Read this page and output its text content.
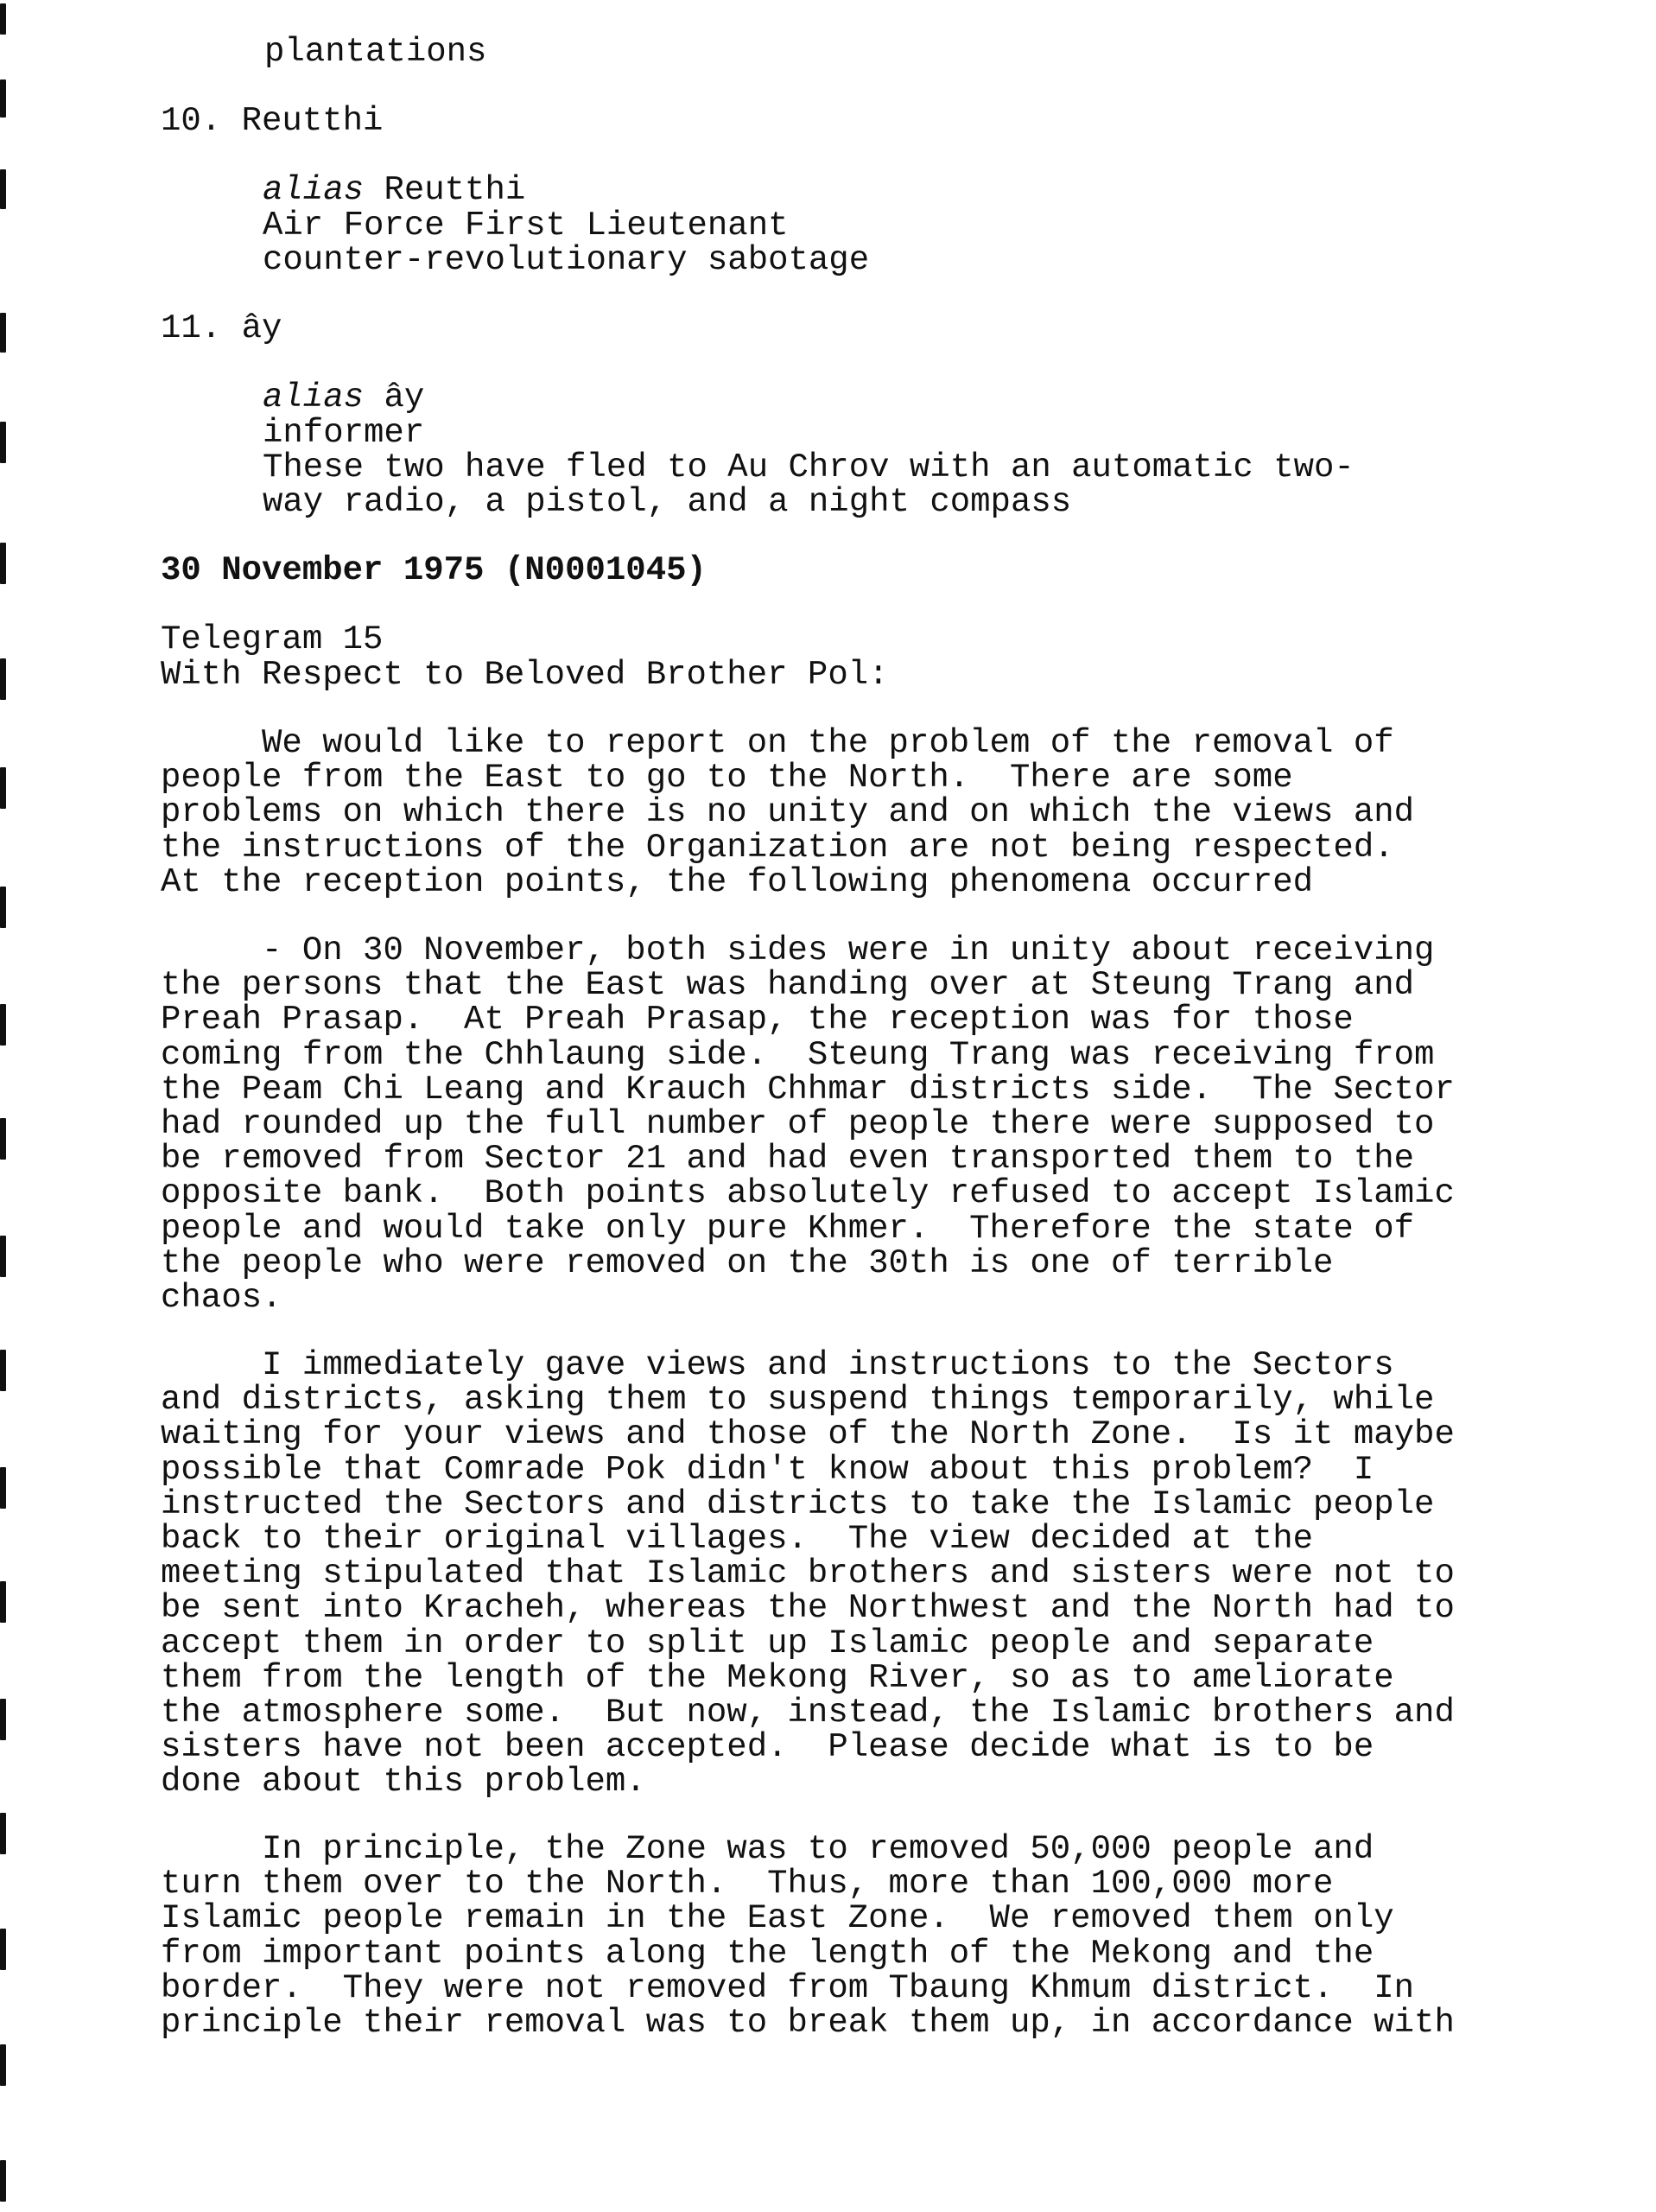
plantations
10. Reutthi
alias Reutthi
Air Force First Lieutenant
counter-revolutionary sabotage
11. ây
alias ây
informer
These two have fled to Au Chrov with an automatic two-
way radio, a pistol, and a night compass
30 November 1975 (N0001045)
Telegram 15
With Respect to Beloved Brother Pol:
We would like to report on the problem of the removal of
people from the East to go to the North.  There are some
problems on which there is no unity and on which the views and
the instructions of the Organization are not being respected.
At the reception points, the following phenomena occurred
- On 30 November, both sides were in unity about receiving
the persons that the East was handing over at Steung Trang and
Preah Prasap.  At Preah Prasap, the reception was for those
coming from the Chhlaung side.  Steung Trang was receiving from
the Peam Chi Leang and Krauch Chhmar districts side.  The Sector
had rounded up the full number of people there were supposed to
be removed from Sector 21 and had even transported them to the
opposite bank.  Both points absolutely refused to accept Islamic
people and would take only pure Khmer.  Therefore the state of
the people who were removed on the 30th is one of terrible
chaos.
I immediately gave views and instructions to the Sectors
and districts, asking them to suspend things temporarily, while
waiting for your views and those of the North Zone.  Is it maybe
possible that Comrade Pok didn't know about this problem?  I
instructed the Sectors and districts to take the Islamic people
back to their original villages.  The view decided at the
meeting stipulated that Islamic brothers and sisters were not to
be sent into Kracheh, whereas the Northwest and the North had to
accept them in order to split up Islamic people and separate
them from the length of the Mekong River, so as to ameliorate
the atmosphere some.  But now, instead, the Islamic brothers and
sisters have not been accepted.  Please decide what is to be
done about this problem.
In principle, the Zone was to removed 50,000 people and
turn them over to the North.  Thus, more than 100,000 more
Islamic people remain in the East Zone.  We removed them only
from important points along the length of the Mekong and the
border.  They were not removed from Tbaung Khmum district.  In
principle their removal was to break them up, in accordance with
